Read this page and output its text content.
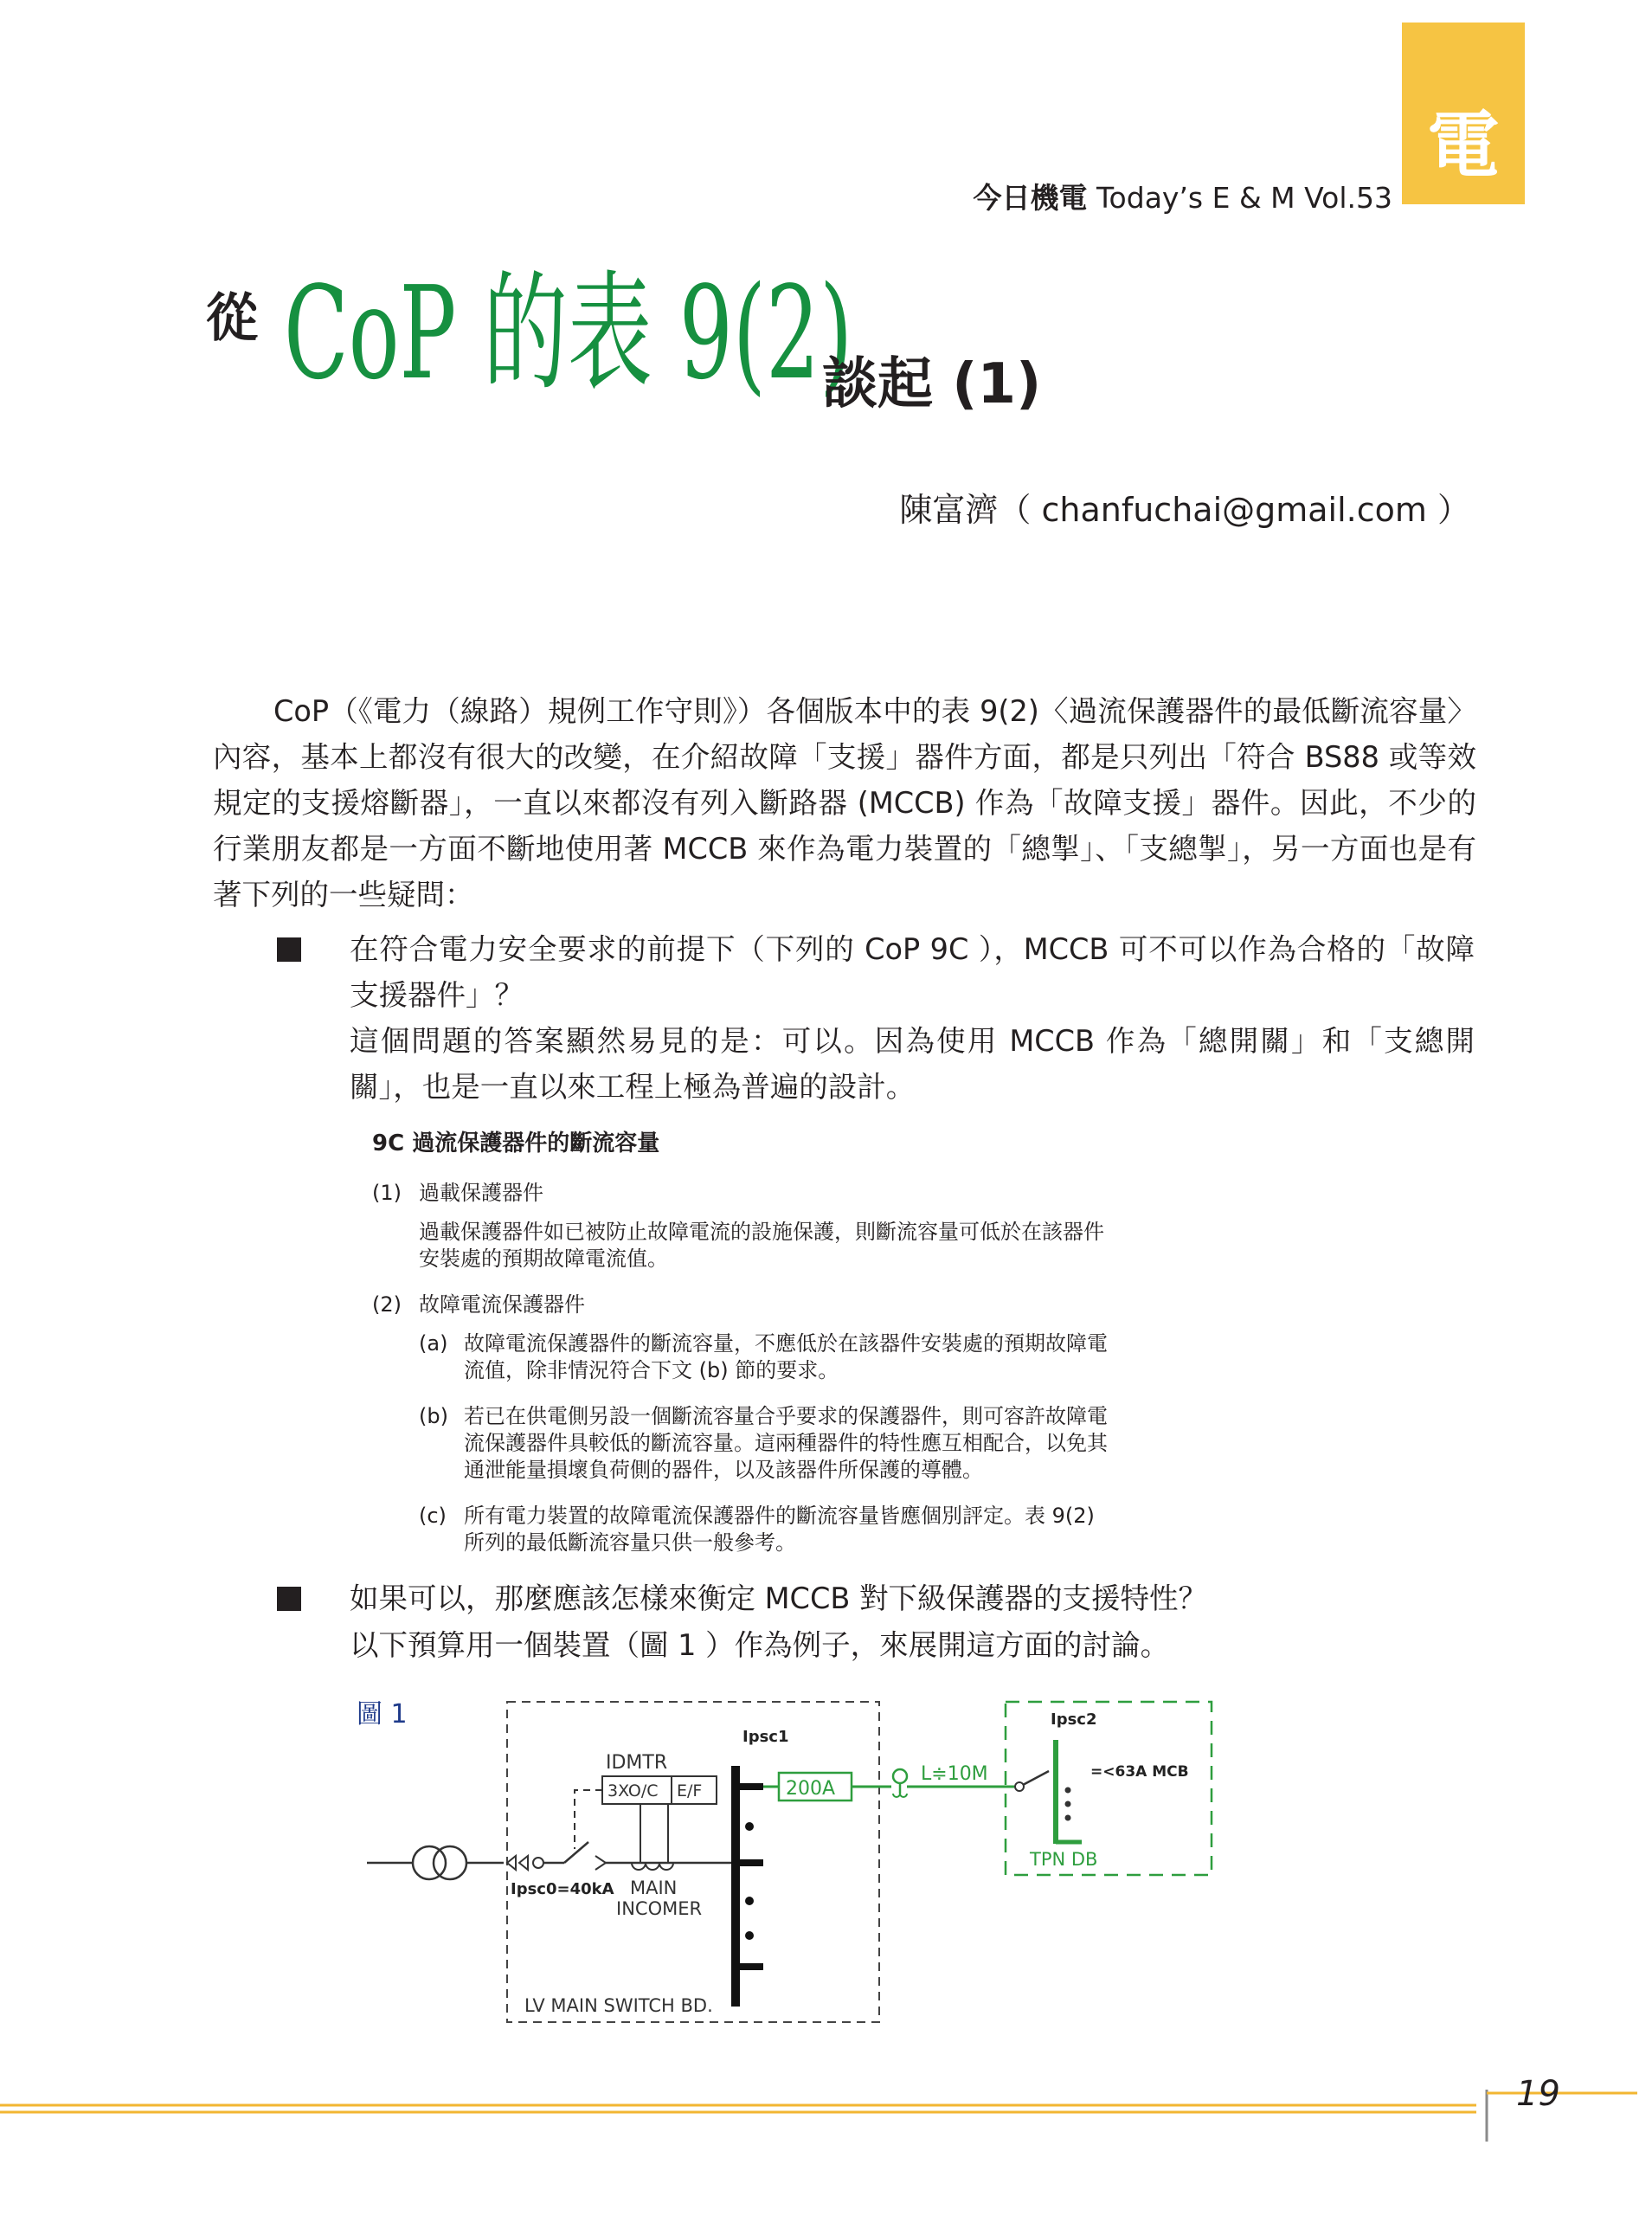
電
今日機電 Today’s E & M Vol.53
從 CoP 的表 9(2)
談起 (1)
陳富濟（ chanfuchai@gmail.com ）
CoP（《電力（線路）規例工作守則》）各個版本中的表 9(2)〈過流保護器件的最低斷流容量〉內容，基本上都沒有很大的改變，在介紹故障「支援」器件方面，都是只列出「符合 BS88 或等效規定的支援熔斷器」，一直以來都沒有列入斷路器 (MCCB) 作為「故障支援」器件。因此，不少的行業朋友都是一方面不斷地使用著 MCCB 來作為電力裝置的「總掣」、「支總掣」，另一方面也是有著下列的一些疑問：
在符合電力安全要求的前提下（下列的 CoP 9C ），MCCB 可不可以作為合格的「故障支援器件」？
這個問題的答案顯然易見的是：可以。因為使用 MCCB 作為「總開關」和「支總開關」，也是一直以來工程上極為普遍的設計。
9C 過流保護器件的斷流容量
(1) 過載保護器件
過載保護器件如已被防止故障電流的設施保護，則斷流容量可低於在該器件安裝處的預期故障電流值。
(2) 故障電流保護器件
(a) 故障電流保護器件的斷流容量，不應低於在該器件安裝處的預期故障電流值，除非情況符合下文 (b) 節的要求。
(b) 若已在供電側另設一個斷流容量合乎要求的保護器件，則可容許故障電流保護器件具較低的斷流容量。這兩種器件的特性應互相配合，以免其通泄能量損壞負荷側的器件，以及該器件所保護的導體。
(c) 所有電力裝置的故障電流保護器件的斷流容量皆應個別評定。表 9(2) 所列的最低斷流容量只供一般參考。
如果可以，那麼應該怎樣來衡定 MCCB 對下級保護器的支援特性？
以下預算用一個裝置（圖 1 ）作為例子，來展開這方面的討論。
圖 1
IDMTR
3XO/C E/F
Ipsc1
Ipsc0=40kA MAIN
INCOMER
LV MAIN SWITCH BD.
200A
L≑10M
Ipsc2
=<63A MCB
TPN DB
19
